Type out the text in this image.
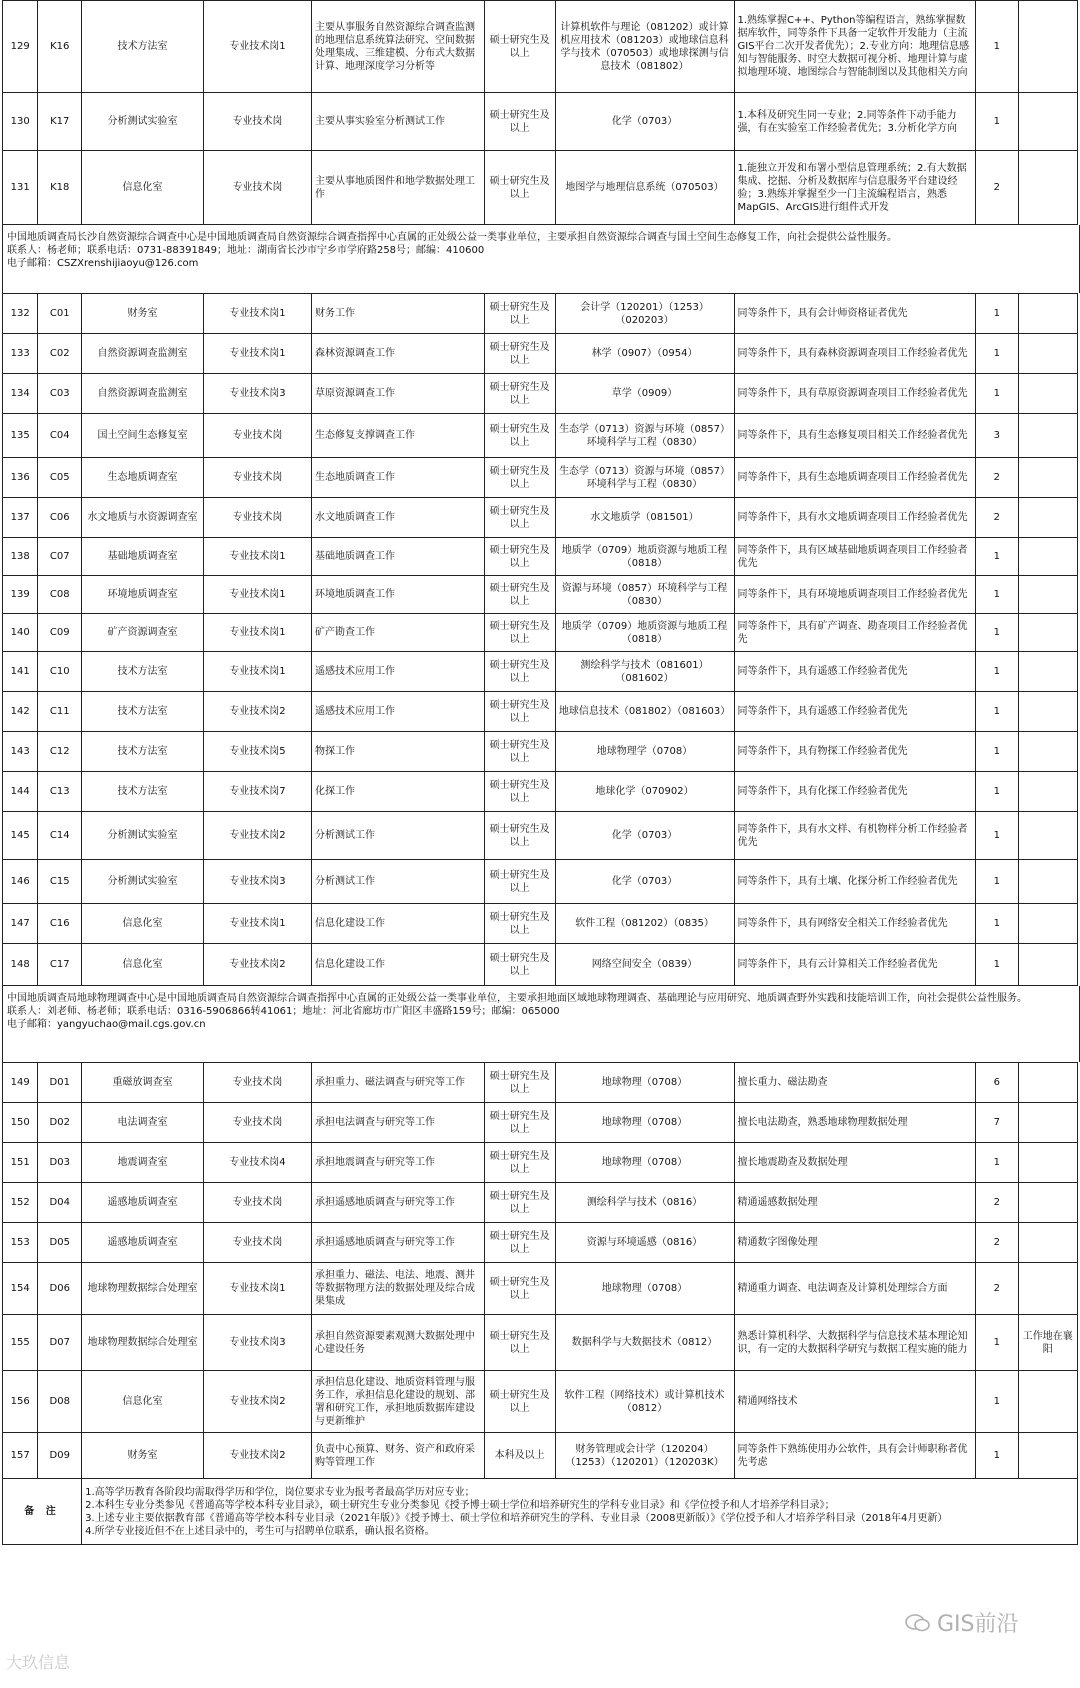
129	K16	技术方法室	专业技术岗1	主要从事服务自然资源综合调查监测的地理信息系统算法研究、空间数据处理集成、三维建模、分布式大数据计算、地理深度学习分析等	硕士研究生及以上	计算机软件与理论（081202）或计算机应用技术（081203）或地球信息科学与技术（070503）或地球探测与信息技术（081802）	1.熟练掌握C++、Python等编程语言，熟练掌握数据库软件，同等条件下具备一定软件开发能力（主流GIS平台二次开发者优先）；2.专业方向：地理信息感知与智能服务、时空大数据可视分析、地理计算与虚拟地理环境、地图综合与智能制图以及其他相关方向	1	
130	K17	分析测试实验室	专业技术岗	主要从事实验室分析测试工作	硕士研究生及以上	化学（0703）	1.本科及研究生同一专业；2.同等条件下动手能力强，有在实验室工作经验者优先；3.分析化学方向	1	
131	K18	信息化室	专业技术岗	主要从事地质图件和地学数据处理工作	硕士研究生及以上	地图学与地理信息系统（070503）	1.能独立开发和布署小型信息管理系统；2.有大数据集成、挖掘、分析及数据库与信息服务平台建设经验；3.熟练并掌握至少一门主流编程语言，熟悉MapGIS、ArcGIS进行组件式开发	2	
中国地质调查局长沙自然资源综合调查中心是中国地质调查局自然资源综合调查指挥中心直属的正处级公益一类事业单位，主要承担自然资源综合调查与国土空间生态修复工作，向社会提供公益性服务。
联系人：杨老师；联系电话：0731-88391849；地址：湖南省长沙市宁乡市学府路258号；邮编：410600
电子邮箱：CSZXrenshijiaoyu@126.com
132	C01	财务室	专业技术岗1	财务工作	硕士研究生及以上	会计学（120201）（1253）（020203）	同等条件下，具有会计师资格证者优先	1	
133	C02	自然资源调查监测室	专业技术岗1	森林资源调查工作	硕士研究生及以上	林学（0907）（0954）	同等条件下，具有森林资源调查项目工作经验者优先	1	
134	C03	自然资源调查监测室	专业技术岗3	草原资源调查工作	硕士研究生及以上	草学（0909）	同等条件下，具有草原资源调查项目工作经验者优先	1	
135	C04	国土空间生态修复室	专业技术岗	生态修复支撑调查工作	硕士研究生及以上	生态学（0713）资源与环境（0857）环境科学与工程（0830）	同等条件下，具有生态修复项目相关工作经验者优先	3	
136	C05	生态地质调查室	专业技术岗	生态地质调查工作	硕士研究生及以上	生态学（0713）资源与环境（0857）环境科学与工程（0830）	同等条件下，具有生态地质调查项目工作经验者优先	2	
137	C06	水文地质与水资源调查室	专业技术岗	水文地质调查工作	硕士研究生及以上	水文地质学（081501）	同等条件下，具有水文地质调查项目工作经验者优先	2	
138	C07	基础地质调查室	专业技术岗1	基础地质调查工作	硕士研究生及以上	地质学（0709）地质资源与地质工程（0818）	同等条件下，具有区域基础地质调查项目工作经验者优先	1	
139	C08	环境地质调查室	专业技术岗1	环境地质调查工作	硕士研究生及以上	资源与环境（0857）环境科学与工程（0830）	同等条件下，具有环境地质调查项目工作经验者优先	1	
140	C09	矿产资源调查室	专业技术岗1	矿产勘查工作	硕士研究生及以上	地质学（0709）地质资源与地质工程（0818）	同等条件下，具有矿产调查、勘查项目工作经验者优先	1	
141	C10	技术方法室	专业技术岗1	遥感技术应用工作	硕士研究生及以上	测绘科学与技术（081601）（081602）	同等条件下，具有遥感工作经验者优先	1	
142	C11	技术方法室	专业技术岗2	遥感技术应用工作	硕士研究生及以上	地球信息技术（081802）（081603）	同等条件下，具有遥感工作经验者优先	1	
143	C12	技术方法室	专业技术岗5	物探工作	硕士研究生及以上	地球物理学（0708）	同等条件下，具有物探工作经验者优先	1	
144	C13	技术方法室	专业技术岗7	化探工作	硕士研究生及以上	地球化学（070902）	同等条件下，具有化探工作经验者优先	1	
145	C14	分析测试实验室	专业技术岗2	分析测试工作	硕士研究生及以上	化学（0703）	同等条件下，具有水文样、有机物样分析工作经验者优先	1	
146	C15	分析测试实验室	专业技术岗3	分析测试工作	硕士研究生及以上	化学（0703）	同等条件下，具有土壤、化探分析工作经验者优先	1	
147	C16	信息化室	专业技术岗1	信息化建设工作	硕士研究生及以上	软件工程（081202）（0835）	同等条件下，具有网络安全相关工作经验者优先	1	
148	C17	信息化室	专业技术岗2	信息化建设工作	硕士研究生及以上	网络空间安全（0839）	同等条件下，具有云计算相关工作经验者优先	1	
中国地质调查局地球物理调查中心是中国地质调查局自然资源综合调查指挥中心直属的正处级公益一类事业单位，主要承担地面区域地球物理调查、基础理论与应用研究、地质调查野外实践和技能培训工作，向社会提供公益性服务。
联系人：刘老师、杨老师；联系电话：0316-5906866转41061；地址：河北省廊坊市广阳区丰盛路159号；邮编：065000
电子邮箱：yangyuchao@mail.cgs.gov.cn
149	D01	重磁放调查室	专业技术岗	承担重力、磁法调查与研究等工作	硕士研究生及以上	地球物理（0708）	擅长重力、磁法勘查	6	
150	D02	电法调查室	专业技术岗	承担电法调查与研究等工作	硕士研究生及以上	地球物理（0708）	擅长电法勘查，熟悉地球物理数据处理	7	
151	D03	地震调查室	专业技术岗4	承担地震调查与研究等工作	硕士研究生及以上	地球物理（0708）	擅长地震勘查及数据处理	1	
152	D04	遥感地质调查室	专业技术岗	承担遥感地质调查与研究等工作	硕士研究生及以上	测绘科学与技术（0816）	精通遥感数据处理	2	
153	D05	遥感地质调查室	专业技术岗	承担遥感地质调查与研究等工作	硕士研究生及以上	资源与环境遥感（0816）	精通数字图像处理	2	
154	D06	地球物理数据综合处理室	专业技术岗1	承担重力、磁法、电法、地震、测井等数据物理方法的数据处理及综合成果集成	硕士研究生及以上	地球物理（0708）	精通重力调查、电法调查及计算机处理综合方面	2	
155	D07	地球物理数据综合处理室	专业技术岗3	承担自然资源要素观测大数据处理中心建设任务	硕士研究生及以上	数据科学与大数据技术（0812）	熟悉计算机科学、大数据科学与信息技术基本理论知识，有一定的大数据科学研究与数据工程实施的能力	1	工作地在襄阳
156	D08	信息化室	专业技术岗2	承担信息化建设、地质资料管理与服务工作，承担信息化建设的规划、部署和研究工作，承担地质数据库建设与更新维护	硕士研究生及以上	软件工程（网络技术）或计算机技术（0812）	精通网络技术	1	
157	D09	财务室	专业技术岗2	负责中心预算、财务、资产和政府采购等管理工作	本科及以上	财务管理或会计学（120204）（1253）（120201）（120203K）	同等条件下熟练使用办公软件，具有会计师职称者优先考虑	1	
备 注		1.高等学历教育各阶段均需取得学历和学位，岗位要求专业为报考者最高学历对应专业；
2.本科生专业分类参见《普通高等学校本科专业目录》，硕士研究生专业分类参见《授予博士硕士学位和培养研究生的学科专业目录》和《学位授予和人才培养学科目录》；
3.上述专业主要依据教育部《普通高等学校本科专业目录（2021年版）》《授予博士、硕士学位和培养研究生的学科、专业目录（2008更新版）》《学位授予和人才培养学科目录（2018年4月更新）
4.所学专业接近但不在上述目录中的，考生可与招聘单位联系，确认报名资格。							
大玖信息
GIS前沿
